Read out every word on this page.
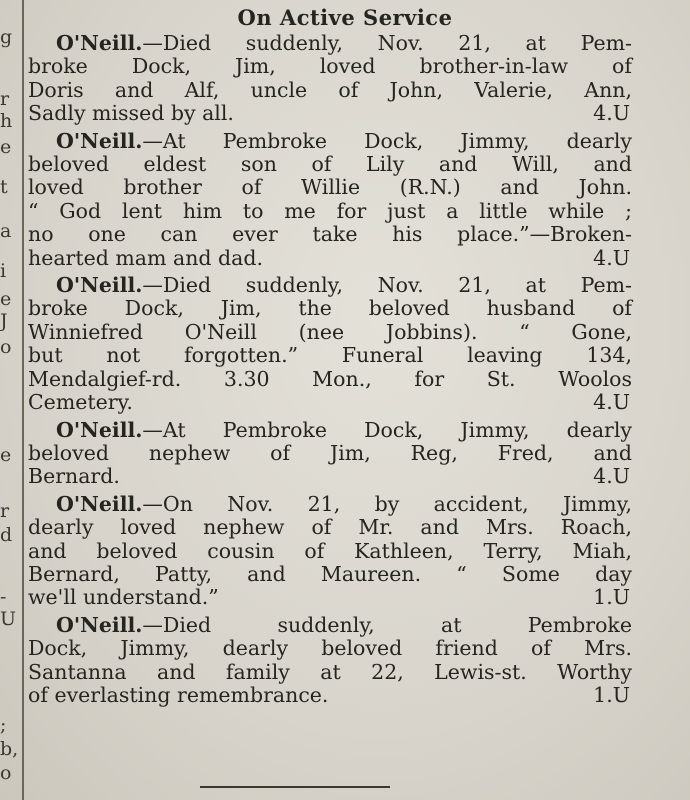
g
r
h
e
t
a
i
e
J
o
e
r
d
-
U
;
b,
o
On Active Service
O'Neill.—Died suddenly, Nov. 21, at Pem-
broke Dock, Jim, loved brother-in-law of
Doris and Alf, uncle of John, Valerie, Ann,
Sadly missed by all.	4.U
O'Neill.—At Pembroke Dock, Jimmy, dearly
beloved eldest son of Lily and Will, and
loved brother of Willie (R.N.) and John.
“ God lent him to me for just a little while ;
no one can ever take his place.”—Broken-
hearted mam and dad.	4.U
O'Neill.—Died suddenly, Nov. 21, at Pem-
broke Dock, Jim, the beloved husband of
Winniefred O'Neill (nee Jobbins). “ Gone,
but not forgotten.” Funeral leaving 134,
Mendalgief-rd. 3.30 Mon., for St. Woolos
Cemetery.	4.U
O'Neill.—At Pembroke Dock, Jimmy, dearly
beloved nephew of Jim, Reg, Fred, and
Bernard.	4.U
O'Neill.—On Nov. 21, by accident, Jimmy,
dearly loved nephew of Mr. and Mrs. Roach,
and beloved cousin of Kathleen, Terry, Miah,
Bernard, Patty, and Maureen. “ Some day
we'll understand.”	1.U
O'Neill.—Died suddenly, at Pembroke
Dock, Jimmy, dearly beloved friend of Mrs.
Santanna and family at 22, Lewis-st. Worthy
of everlasting remembrance.	1.U
